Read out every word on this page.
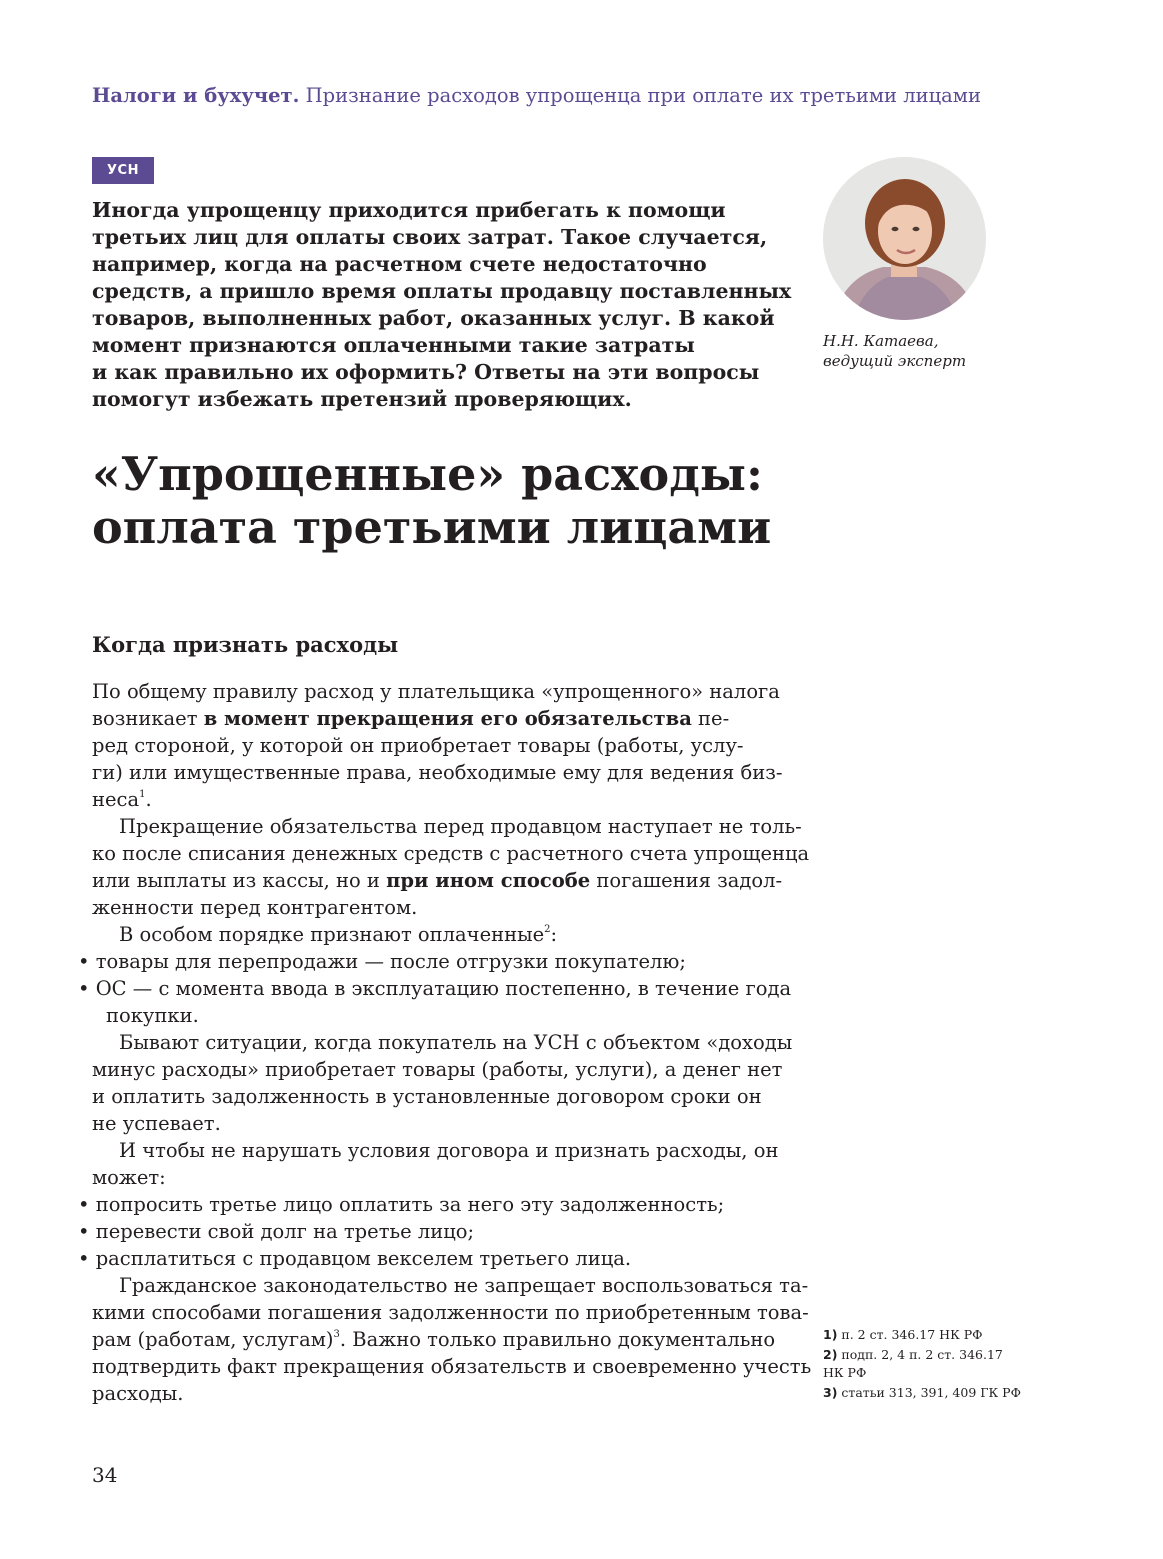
Налоги и бухучет. Признание расходов упрощенца при оплате их третьими лицами
УСН
Иногда упрощенцу приходится прибегать к помощи
третьих лиц для оплаты своих затрат. Такое случается,
например, когда на расчетном счете недостаточно
средств, а пришло время оплаты продавцу поставленных
товаров, выполненных работ, оказанных услуг. В какой
момент признаются оплаченными такие затраты
и как правильно их оформить? Ответы на эти вопросы
помогут избежать претензий проверяющих.
Н.Н. Катаева,
ведущий эксперт
«Упрощенные» расходы:
оплата третьими лицами
Когда признать расходы
По общему правилу расход у плательщика «упрощенного» налога
возникает в момент прекращения его обязательства пе-
ред стороной, у которой он приобретает товары (работы, услу-
ги) или имущественные права, необходимые ему для ведения биз-
неса$^1$.
Прекращение обязательства перед продавцом наступает не толь-
ко после списания денежных средств с расчетного счета упрощенца
или выплаты из кассы, но и при ином способе погашения задол-
женности перед контрагентом.
В особом порядке признают оплаченные$^2$:
• товары для перепродажи — после отгрузки покупателю;
• ОС — с момента ввода в эксплуатацию постепенно, в течение года
покупки.
Бывают ситуации, когда покупатель на УСН с объектом «доходы
минус расходы» приобретает товары (работы, услуги), а денег нет
и оплатить задолженность в установленные договором сроки он
не успевает.
И чтобы не нарушать условия договора и признать расходы, он
может:
• попросить третье лицо оплатить за него эту задолженность;
• перевести свой долг на третье лицо;
• расплатиться с продавцом векселем третьего лица.
Гражданское законодательство не запрещает воспользоваться та-
кими способами погашения задолженности по приобретенным това-
рам (работам, услугам)$^3$. Важно только правильно документально
подтвердить факт прекращения обязательств и своевременно учесть
расходы.
1) п. 2 ст. 346.17 НК РФ
2) подп. 2, 4 п. 2 ст. 346.17
НК РФ
3) статьи 313, 391, 409 ГК РФ
34
